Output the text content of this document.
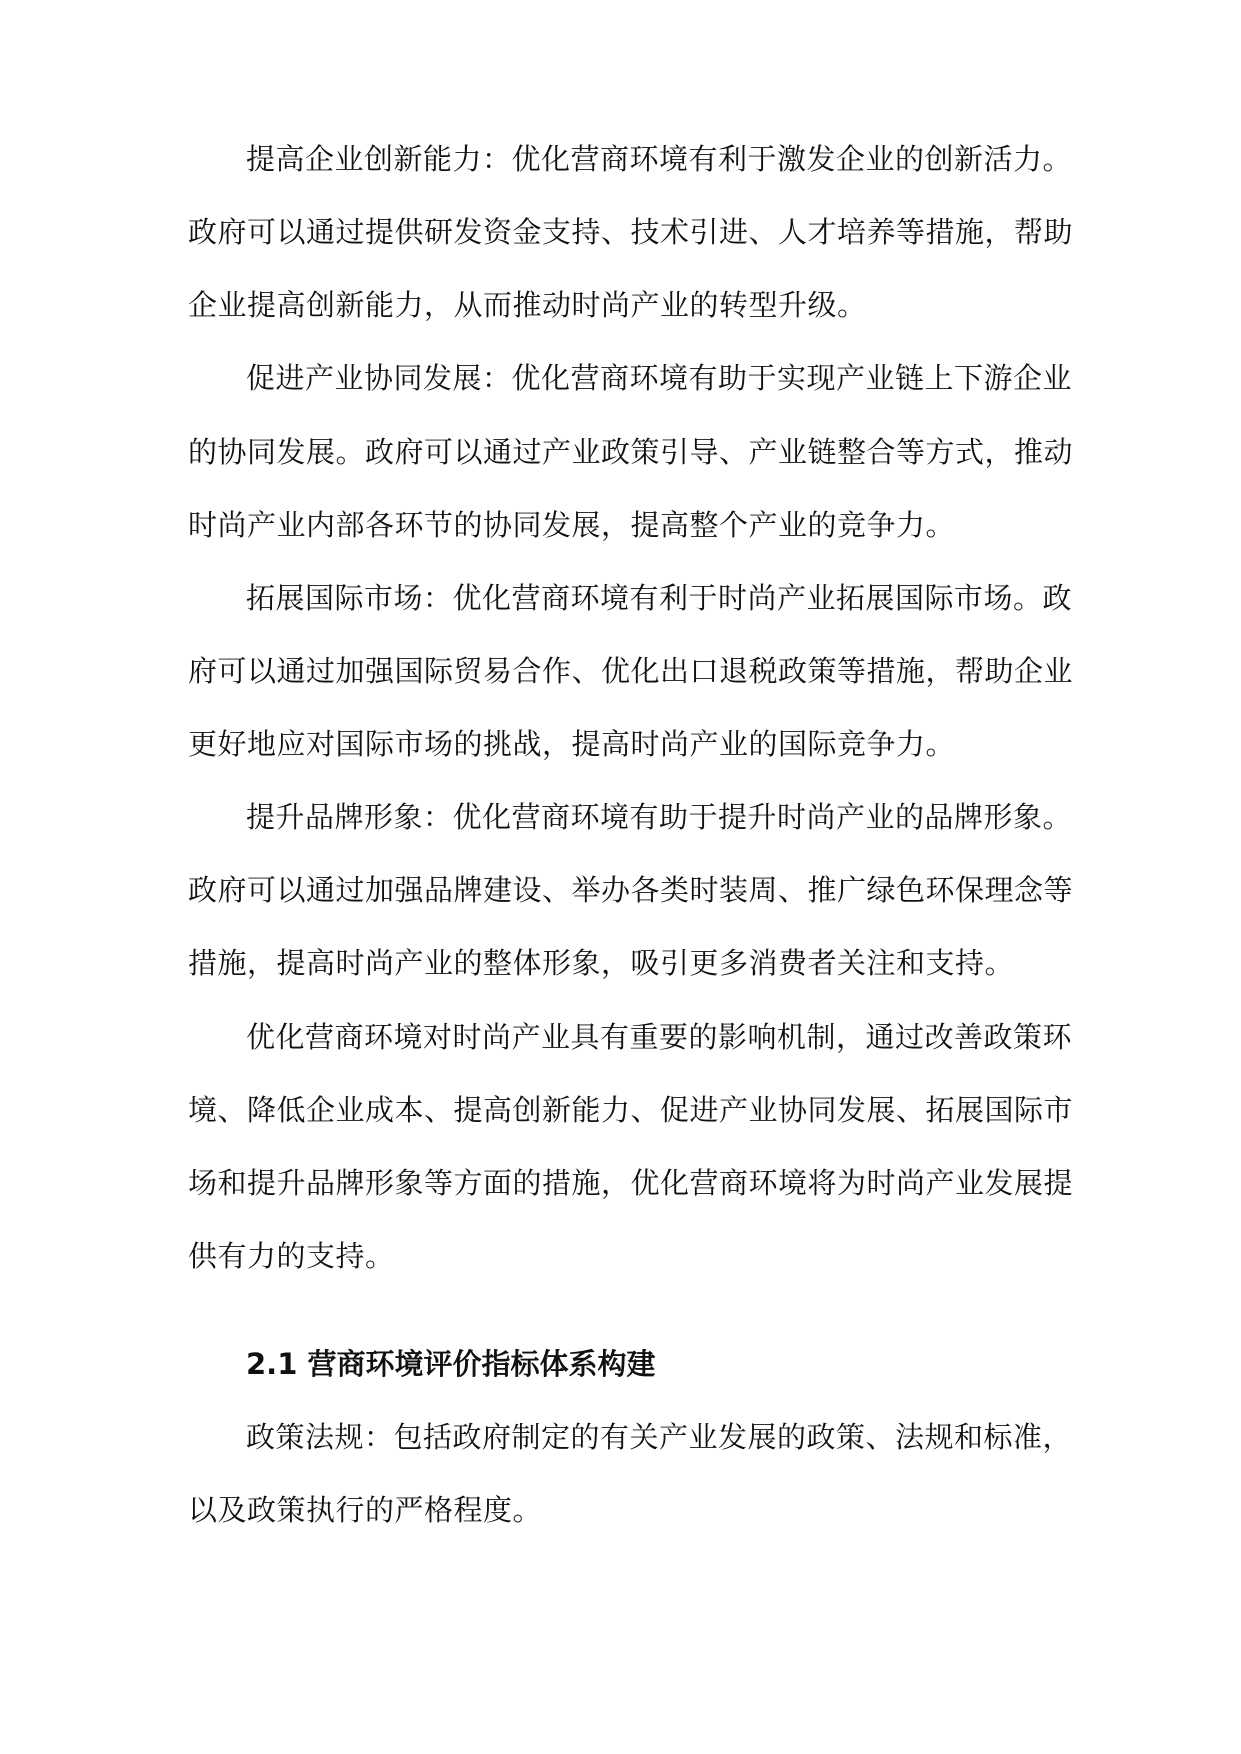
提高企业创新能力：优化营商环境有利于激发企业的创新活力。
政府可以通过提供研发资金支持、技术引进、人才培养等措施，帮助
企业提高创新能力，从而推动时尚产业的转型升级。
促进产业协同发展：优化营商环境有助于实现产业链上下游企业
的协同发展。政府可以通过产业政策引导、产业链整合等方式，推动
时尚产业内部各环节的协同发展，提高整个产业的竞争力。
拓展国际市场：优化营商环境有利于时尚产业拓展国际市场。政
府可以通过加强国际贸易合作、优化出口退税政策等措施，帮助企业
更好地应对国际市场的挑战，提高时尚产业的国际竞争力。
提升品牌形象：优化营商环境有助于提升时尚产业的品牌形象。
政府可以通过加强品牌建设、举办各类时装周、推广绿色环保理念等
措施，提高时尚产业的整体形象，吸引更多消费者关注和支持。
优化营商环境对时尚产业具有重要的影响机制，通过改善政策环
境、降低企业成本、提高创新能力、促进产业协同发展、拓展国际市
场和提升品牌形象等方面的措施，优化营商环境将为时尚产业发展提
供有力的支持。
2.1 营商环境评价指标体系构建
政策法规：包括政府制定的有关产业发展的政策、法规和标准，
以及政策执行的严格程度。
